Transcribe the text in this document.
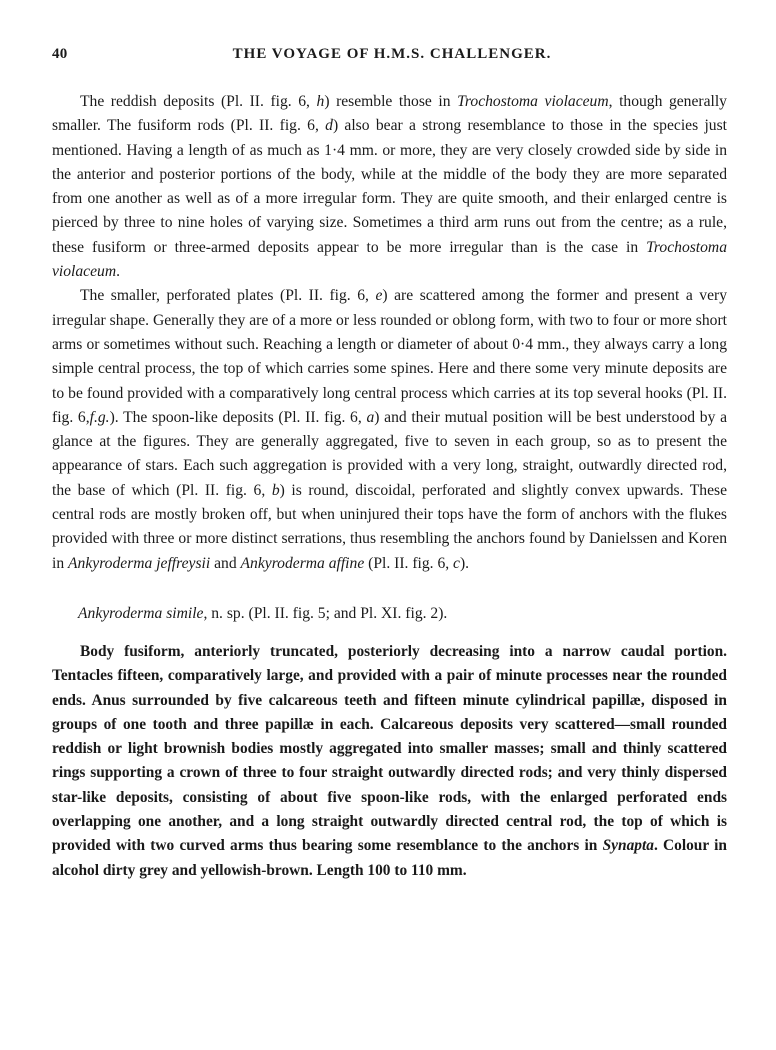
40	THE VOYAGE OF H.M.S. CHALLENGER.

The reddish deposits (Pl. II. fig. 6, h) resemble those in Trochostoma violaceum, though generally smaller. The fusiform rods (Pl. II. fig. 6, d) also bear a strong resemblance to those in the species just mentioned. Having a length of as much as 1·4 mm. or more, they are very closely crowded side by side in the anterior and posterior portions of the body, while at the middle of the body they are more separated from one another as well as of a more irregular form. They are quite smooth, and their enlarged centre is pierced by three to nine holes of varying size. Sometimes a third arm runs out from the centre; as a rule, these fusiform or three-armed deposits appear to be more irregular than is the case in Trochostoma violaceum.

The smaller, perforated plates (Pl. II. fig. 6, e) are scattered among the former and present a very irregular shape. Generally they are of a more or less rounded or oblong form, with two to four or more short arms or sometimes without such. Reaching a length or diameter of about 0·4 mm., they always carry a long simple central process, the top of which carries some spines. Here and there some very minute deposits are to be found provided with a comparatively long central process which carries at its top several hooks (Pl. II. fig. 6,f.g.). The spoon-like deposits (Pl. II. fig. 6, a) and their mutual position will be best understood by a glance at the figures. They are generally aggregated, five to seven in each group, so as to present the appearance of stars. Each such aggregation is provided with a very long, straight, outwardly directed rod, the base of which (Pl. II. fig. 6, b) is round, discoidal, perforated and slightly convex upwards. These central rods are mostly broken off, but when uninjured their tops have the form of anchors with the flukes provided with three or more distinct serrations, thus resembling the anchors found by Danielssen and Koren in Ankyroderma jeffreysii and Ankyroderma affine (Pl. II. fig. 6, c).

Ankyroderma simile, n. sp. (Pl. II. fig. 5; and Pl. XI. fig. 2).

Body fusiform, anteriorly truncated, posteriorly decreasing into a narrow caudal portion. Tentacles fifteen, comparatively large, and provided with a pair of minute processes near the rounded ends. Anus surrounded by five calcareous teeth and fifteen minute cylindrical papillæ, disposed in groups of one tooth and three papillæ in each. Calcareous deposits very scattered—small rounded reddish or light brownish bodies mostly aggregated into smaller masses; small and thinly scattered rings supporting a crown of three to four straight outwardly directed rods; and very thinly dispersed star-like deposits, consisting of about five spoon-like rods, with the enlarged perforated ends overlapping one another, and a long straight outwardly directed central rod, the top of which is provided with two curved arms thus bearing some resemblance to the anchors in Synapta. Colour in alcohol dirty grey and yellowish-brown. Length 100 to 110 mm.
